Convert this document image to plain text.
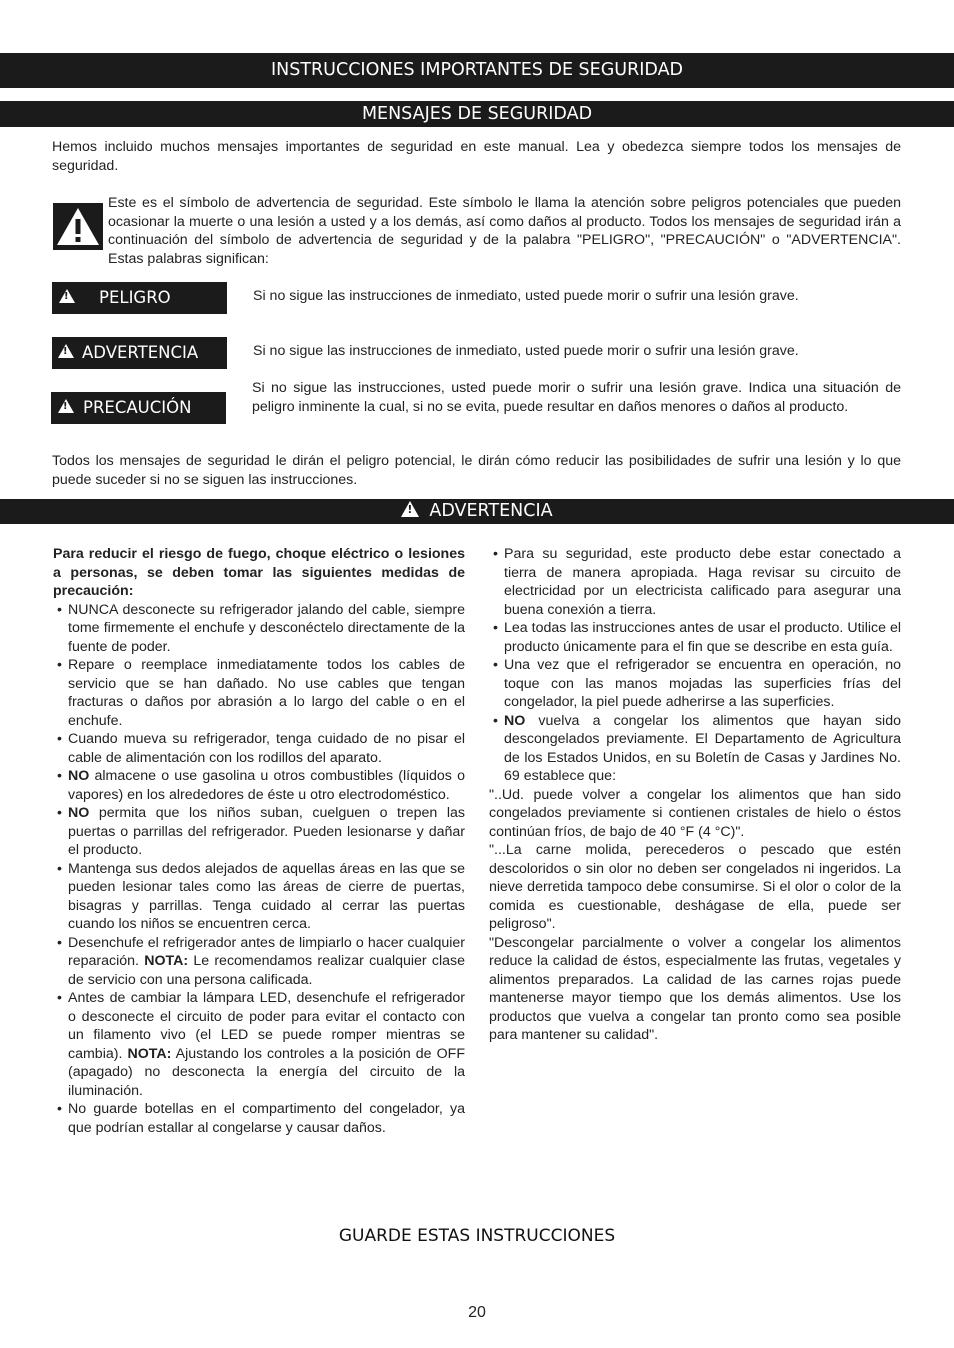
INSTRUCCIONES IMPORTANTES DE SEGURIDAD
MENSAJES DE SEGURIDAD

Hemos incluido muchos mensajes importantes de seguridad en este manual. Lea y obedezca siempre todos los mensajes de seguridad.

Este es el símbolo de advertencia de seguridad. Este símbolo le llama la atención sobre peligros potenciales que pueden ocasionar la muerte o una lesión a usted y a los demás, así como daños al producto. Todos los mensajes de seguridad irán a continuación del símbolo de advertencia de seguridad y de la palabra "PELIGRO", "PRECAUCIÓN" o "ADVERTENCIA". Estas palabras significan:

!PELIGRO	Si no sigue las instrucciones de inmediato, usted puede morir o sufrir una lesión grave.

!ADVERTENCIA	Si no sigue las instrucciones de inmediato, usted puede morir o sufrir una lesión grave.

!PRECAUCIÓN

Si no sigue las instrucciones, usted puede morir o sufrir una lesión grave. Indica una situación de peligro inminente la cual, si no se evita, puede resultar en daños menores o daños al producto.

Todos los mensajes de seguridad le dirán el peligro potencial, le dirán cómo reducir las posibilidades de sufrir una lesión y lo que puede suceder si no se siguen las instrucciones.

!ADVERTENCIA

Para reducir el riesgo de fuego, choque eléctrico o lesiones a personas, se deben tomar las siguientes medidas de precaución:

• NUNCA desconecte su refrigerador jalando del cable, siempre tome firmemente el enchufe y desconéctelo directamente de la fuente de poder.

• Repare o reemplace inmediatamente todos los cables de servicio que se han dañado. No use cables que tengan fracturas o daños por abrasión a lo largo del cable o en el enchufe.

• Cuando mueva su refrigerador, tenga cuidado de no pisar el cable de alimentación con los rodillos del aparato.

• NO almacene o use gasolina u otros combustibles (líquidos o vapores) en los alrededores de éste u otro electrodoméstico.

• NO permita que los niños suban, cuelguen o trepen las puertas o parrillas del refrigerador. Pueden lesionarse y dañar el producto.

• Mantenga sus dedos alejados de aquellas áreas en las que se pueden lesionar tales como las áreas de cierre de puertas, bisagras y parrillas. Tenga cuidado al cerrar las puertas cuando los niños se encuentren cerca.

• Desenchufe el refrigerador antes de limpiarlo o hacer cualquier reparación. NOTA: Le recomendamos realizar cualquier clase de servicio con una persona calificada.

• Antes de cambiar la lámpara LED, desenchufe el refrigerador o desconecte el circuito de poder para evitar el contacto con un filamento vivo (el LED se puede romper mientras se cambia). NOTA: Ajustando los controles a la posición de OFF (apagado) no desconecta la energía del circuito de la iluminación.

• No guarde botellas en el compartimento del congelador, ya que podrían estallar al congelarse y causar daños.

• Para su seguridad, este producto debe estar conectado a tierra de manera apropiada. Haga revisar su circuito de electricidad por un electricista calificado para asegurar una buena conexión a tierra.

• Lea todas las instrucciones antes de usar el producto. Utilice el producto únicamente para el fin que se describe en esta guía.

• Una vez que el refrigerador se encuentra en operación, no toque con las manos mojadas las superficies frías del congelador, la piel puede adherirse a las superficies.

• NO vuelva a congelar los alimentos que hayan sido descongelados previamente. El Departamento de Agricultura de los Estados Unidos, en su Boletín de Casas y Jardines No. 69 establece que:

"..Ud. puede volver a congelar los alimentos que han sido congelados previamente si contienen cristales de hielo o éstos continúan fríos, de bajo de 40 °F (4 °C)".

"...La carne molida, perecederos o pescado que estén descoloridos o sin olor no deben ser congelados ni ingeridos. La nieve derretida tampoco debe consumirse. Si el olor o color de la comida es cuestionable, deshágase de ella, puede ser peligroso".

"Descongelar parcialmente o volver a congelar los alimentos reduce la calidad de éstos, especialmente las frutas, vegetales y alimentos preparados. La calidad de las carnes rojas puede mantenerse mayor tiempo que los demás alimentos. Use los productos que vuelva a congelar tan pronto como sea posible para mantener su calidad".

GUARDE ESTAS INSTRUCCIONES
20
